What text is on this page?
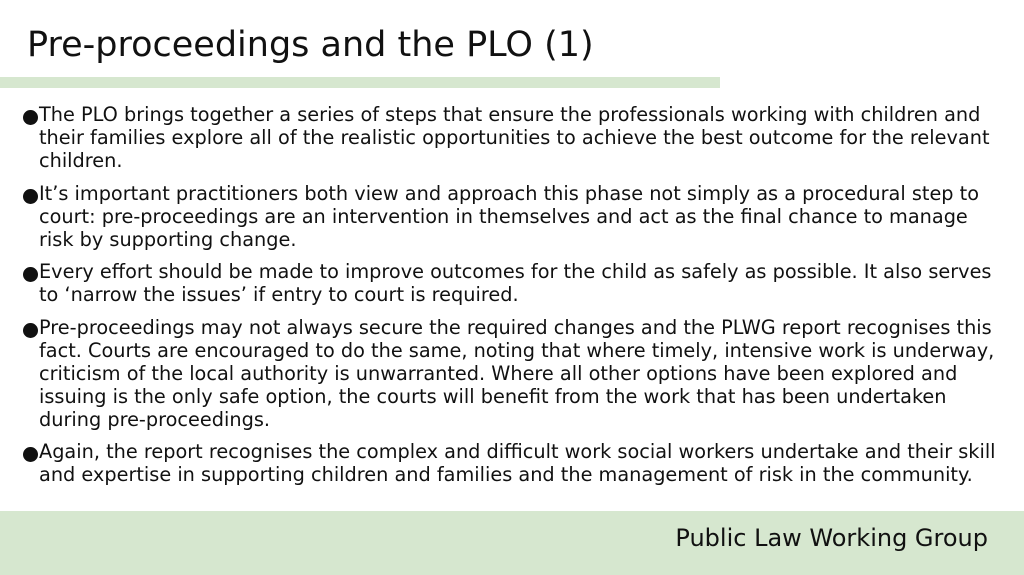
Pre-proceedings and the PLO (1)
The PLO brings together a series of steps that ensure the professionals working with children and their families explore all of the realistic opportunities to achieve the best outcome for the relevant children.
It’s important practitioners both view and approach this phase not simply as a procedural step to court: pre-proceedings are an intervention in themselves and act as the final chance to manage risk by supporting change.
Every effort should be made to improve outcomes for the child as safely as possible. It also serves to ‘narrow the issues’ if entry to court is required.
Pre-proceedings may not always secure the required changes and the PLWG report recognises this fact. Courts are encouraged to do the same, noting that where timely, intensive work is underway, criticism of the local authority is unwarranted. Where all other options have been explored and issuing is the only safe option, the courts will benefit from the work that has been undertaken during pre-proceedings.
Again, the report recognises the complex and difficult work social workers undertake and their skill and expertise in supporting children and families and the management of risk in the community.
Public Law Working Group
